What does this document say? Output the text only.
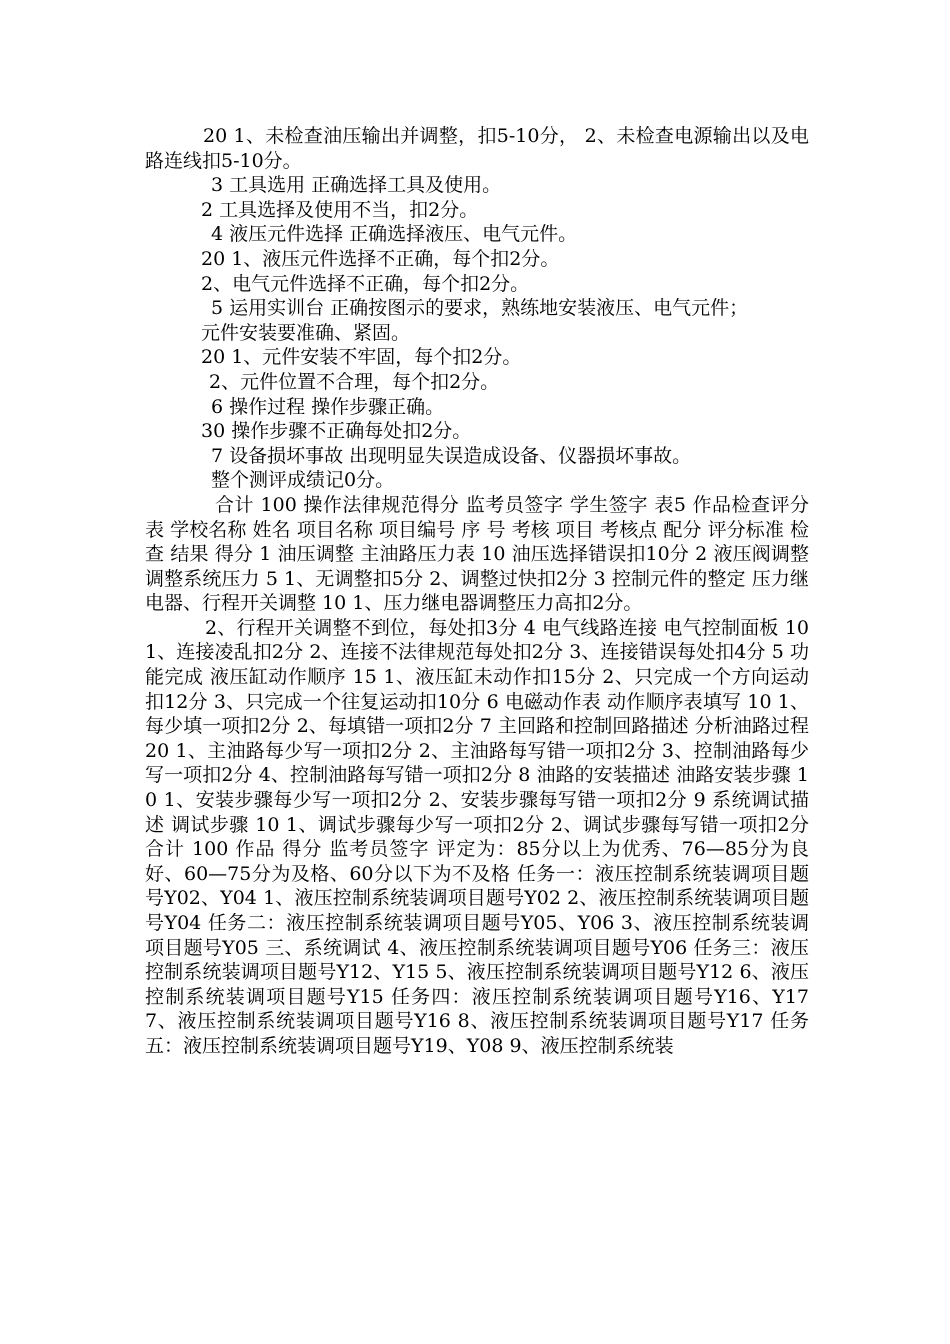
20 1、未检查油压输出并调整，扣5-10分， 2、未检查电源输出以及电路连线扣5-10分。

3 工具选用 正确选择工具及使用。

2 工具选择及使用不当，扣2分。

4 液压元件选择 正确选择液压、电气元件。

20 1、液压元件选择不正确，每个扣2分。

2、电气元件选择不正确，每个扣2分。

5 运用实训台 正确按图示的要求，熟练地安装液压、电气元件；

元件安装要准确、紧固。

20 1、元件安装不牢固，每个扣2分。

2、元件位置不合理，每个扣2分。

6 操作过程 操作步骤正确。

30 操作步骤不正确每处扣2分。

7 设备损坏事故 出现明显失误造成设备、仪器损坏事故。

整个测评成绩记0分。

合计 100 操作法律规范得分 监考员签字 学生签字 表5 作品检查评分表 学校名称 姓名 项目名称 项目编号 序 号 考核 项目 考核点 配分 评分标准 检查 结果 得分 1 油压调整 主油路压力表 10 油压选择错误扣10分 2 液压阀调整 调整系统压力 5 1、无调整扣5分 2、调整过快扣2分 3 控制元件的整定 压力继电器、行程开关调整 10 1、压力继电器调整压力高扣2分。

2、行程开关调整不到位，每处扣3分 4 电气线路连接 电气控制面板 10 1、连接凌乱扣2分 2、连接不法律规范每处扣2分 3、连接错误每处扣4分 5 功能完成 液压缸动作顺序 15 1、液压缸未动作扣15分 2、只完成一个方向运动扣12分 3、只完成一个往复运动扣10分 6 电磁动作表 动作顺序表填写 10 1、每少填一项扣2分 2、每填错一项扣2分 7 主回路和控制回路描述 分析油路过程 20 1、主油路每少写一项扣2分 2、主油路每写错一项扣2分 3、控制油路每少写一项扣2分 4、控制油路每写错一项扣2分 8 油路的安装描述 油路安装步骤 10 1、安装步骤每少写一项扣2分 2、安装步骤每写错一项扣2分 9 系统调试描述 调试步骤 10 1、调试步骤每少写一项扣2分 2、调试步骤每写错一项扣2分 合计 100 作品 得分 监考员签字 评定为：85分以上为优秀、76—85分为良好、60—75分为及格、60分以下为不及格 任务一：液压控制系统装调项目题号Y02、Y04 1、液压控制系统装调项目题号Y02 2、液压控制系统装调项目题号Y04 任务二：液压控制系统装调项目题号Y05、Y06 3、液压控制系统装调项目题号Y05 三、系统调试 4、液压控制系统装调项目题号Y06 任务三：液压控制系统装调项目题号Y12、Y15 5、液压控制系统装调项目题号Y12 6、液压控制系统装调项目题号Y15 任务四：液压控制系统装调项目题号Y16、Y17 7、液压控制系统装调项目题号Y16 8、液压控制系统装调项目题号Y17 任务五：液压控制系统装调项目题号Y19、Y08 9、液压控制系统装
